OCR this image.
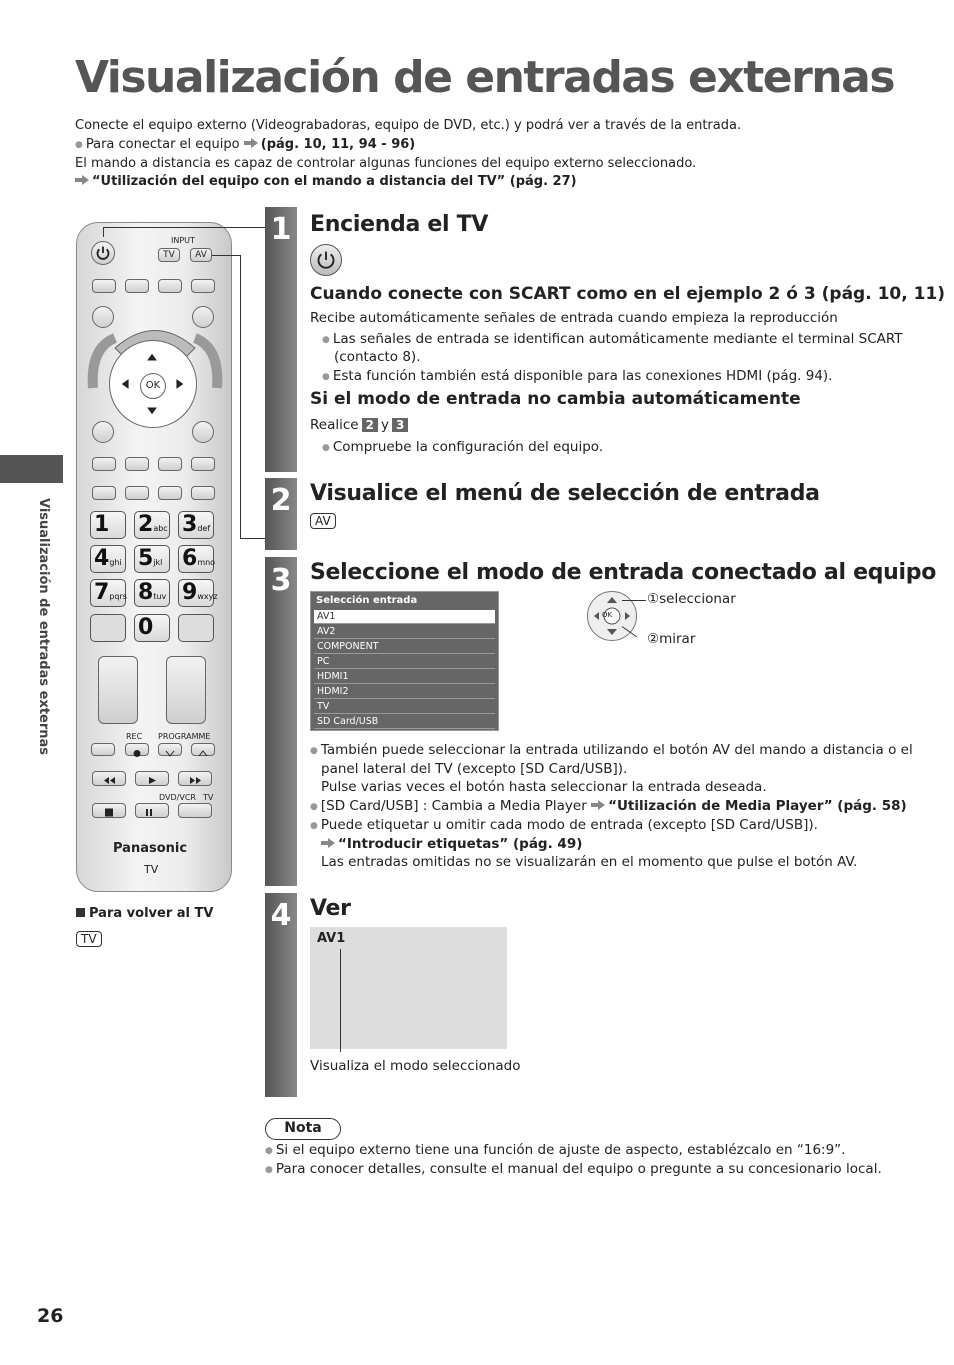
Visualización de entradas externas
Conecte el equipo externo (Videograbadoras, equipo de DVD, etc.) y podrá ver a través de la entrada.
● Para conectar el equipo (pág. 10, 11, 94 - 96)
El mando a distancia es capaz de controlar algunas funciones del equipo externo seleccionado.
“Utilización del equipo con el mando a distancia del TV” (pág. 27)
Visualización de entradas externas
INPUT
TV	AV
OK
1	2abc 3def
4ghi 5jkl 6mno
7pqrs 8tuv 9wxyz
0
REC PROGRAMME
DVD/VCR TV
Panasonic
TV
Para volver al TV
TV
1 Encienda el TV
Cuando conecte con SCART como en el ejemplo 2 ó 3 (pág. 10, 11)
Recibe automáticamente señales de entrada cuando empieza la reproducción
● Las señales de entrada se identifican automáticamente mediante el terminal SCART
(contacto 8).
● Esta función también está disponible para las conexiones HDMI (pág. 94).
Si el modo de entrada no cambia automáticamente
Realice 2 y 3
● Compruebe la configuración del equipo.
2 Visualice el menú de selección de entrada
AV
3 Seleccione el modo de entrada conectado al equipo
Selección entrada
AV1
AV2
COMPONENT
PC
HDMI1
HDMI2
TV
SD Card/USB
OK
①seleccionar
②mirar
● También puede seleccionar la entrada utilizando el botón AV del mando a distancia o el
panel lateral del TV (excepto [SD Card/USB]).
Pulse varias veces el botón hasta seleccionar la entrada deseada.
● [SD Card/USB] : Cambia a Media Player “Utilización de Media Player” (pág. 58)
● Puede etiquetar u omitir cada modo de entrada (excepto [SD Card/USB]).
“Introducir etiquetas” (pág. 49)
Las entradas omitidas no se visualizarán en el momento que pulse el botón AV.
4 Ver
AV1
Visualiza el modo seleccionado
Nota
● Si el equipo externo tiene una función de ajuste de aspecto, establézcalo en “16:9”.
● Para conocer detalles, consulte el manual del equipo o pregunte a su concesionario local.
26
